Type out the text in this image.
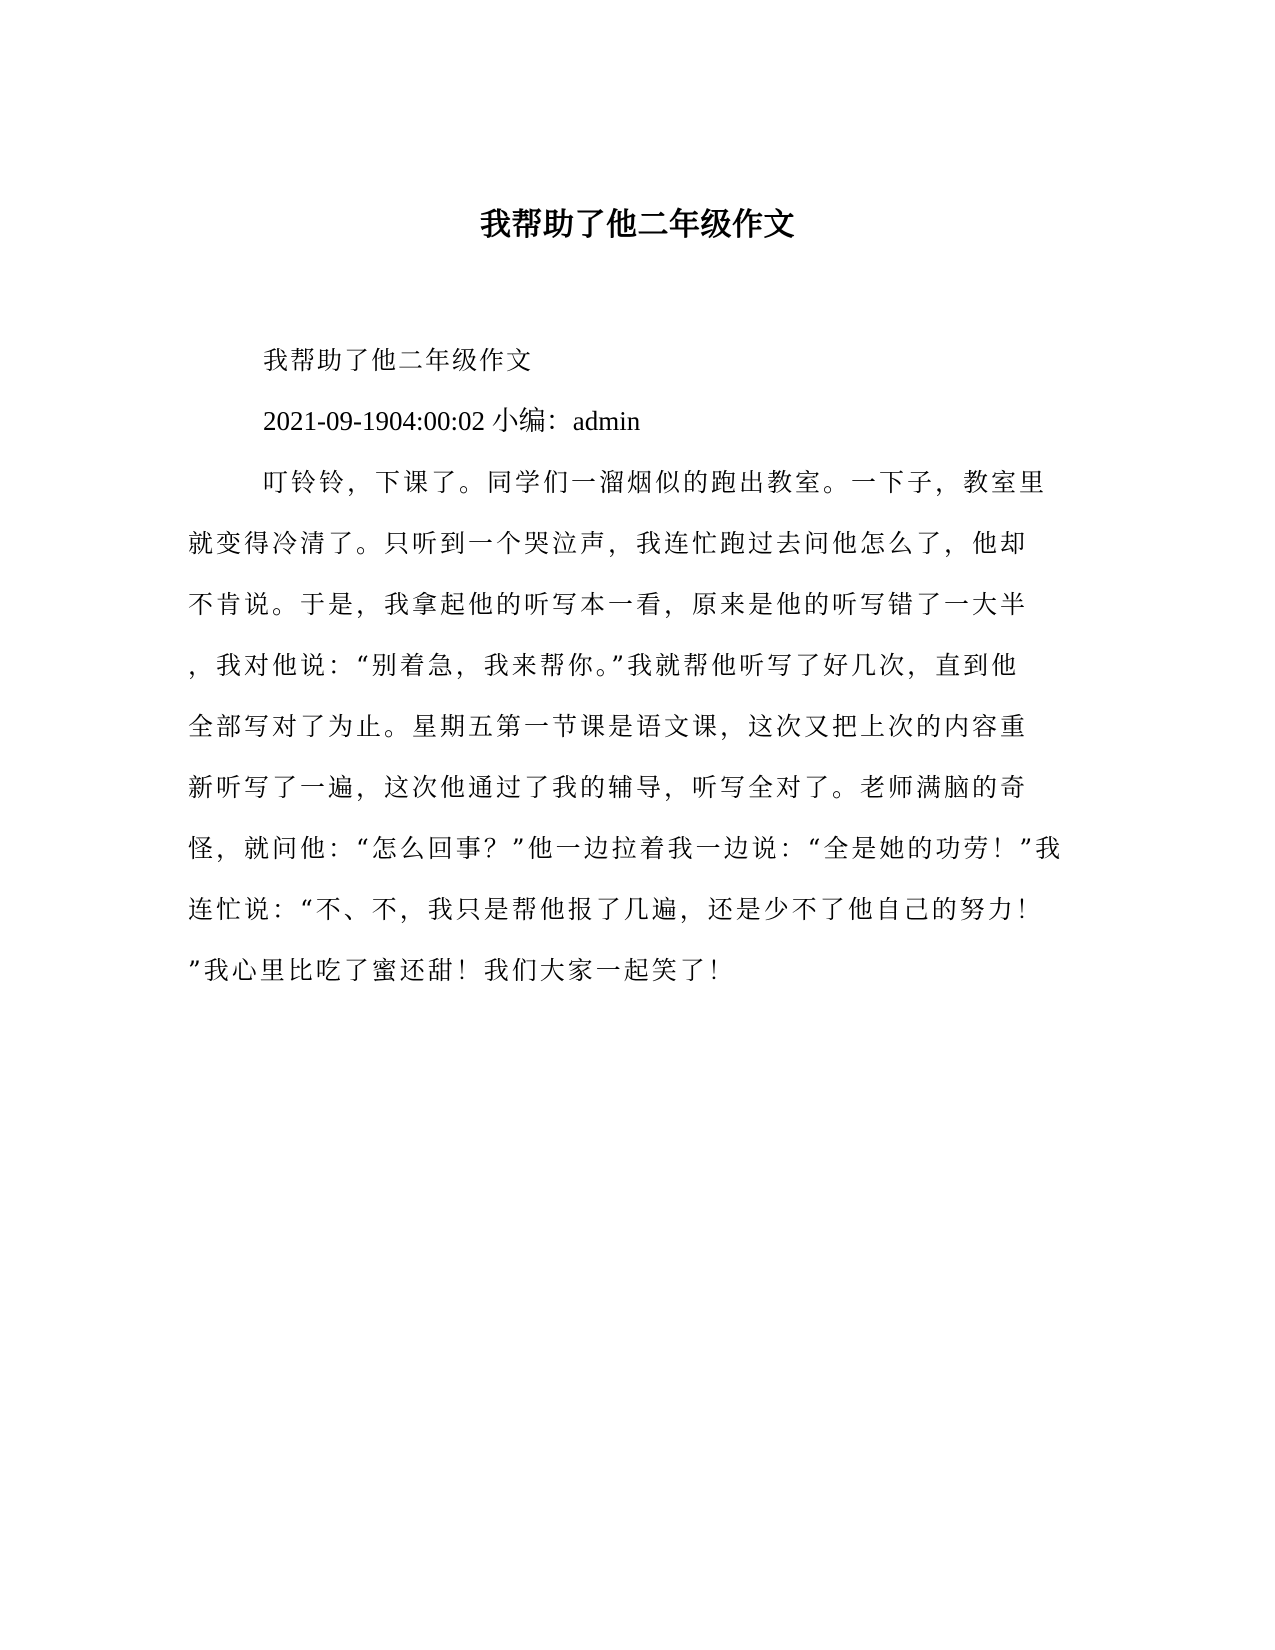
我帮助了他二年级作文

我帮助了他二年级作文

2021-09-1904:00:02 小编：admin

叮铃铃，下课了。同学们一溜烟似的跑出教室。一下子，教室里
就变得冷清了。只听到一个哭泣声，我连忙跑过去问他怎么了，他却
不肯说。于是，我拿起他的听写本一看，原来是他的听写错了一大半
，我对他说：“别着急，我来帮你。”我就帮他听写了好几次，直到他
全部写对了为止。星期五第一节课是语文课，这次又把上次的内容重
新听写了一遍，这次他通过了我的辅导，听写全对了。老师满脑的奇
怪，就问他：“怎么回事？”他一边拉着我一边说：“全是她的功劳！”我
连忙说：“不、不，我只是帮他报了几遍，还是少不了他自己的努力！
”我心里比吃了蜜还甜！我们大家一起笑了！
